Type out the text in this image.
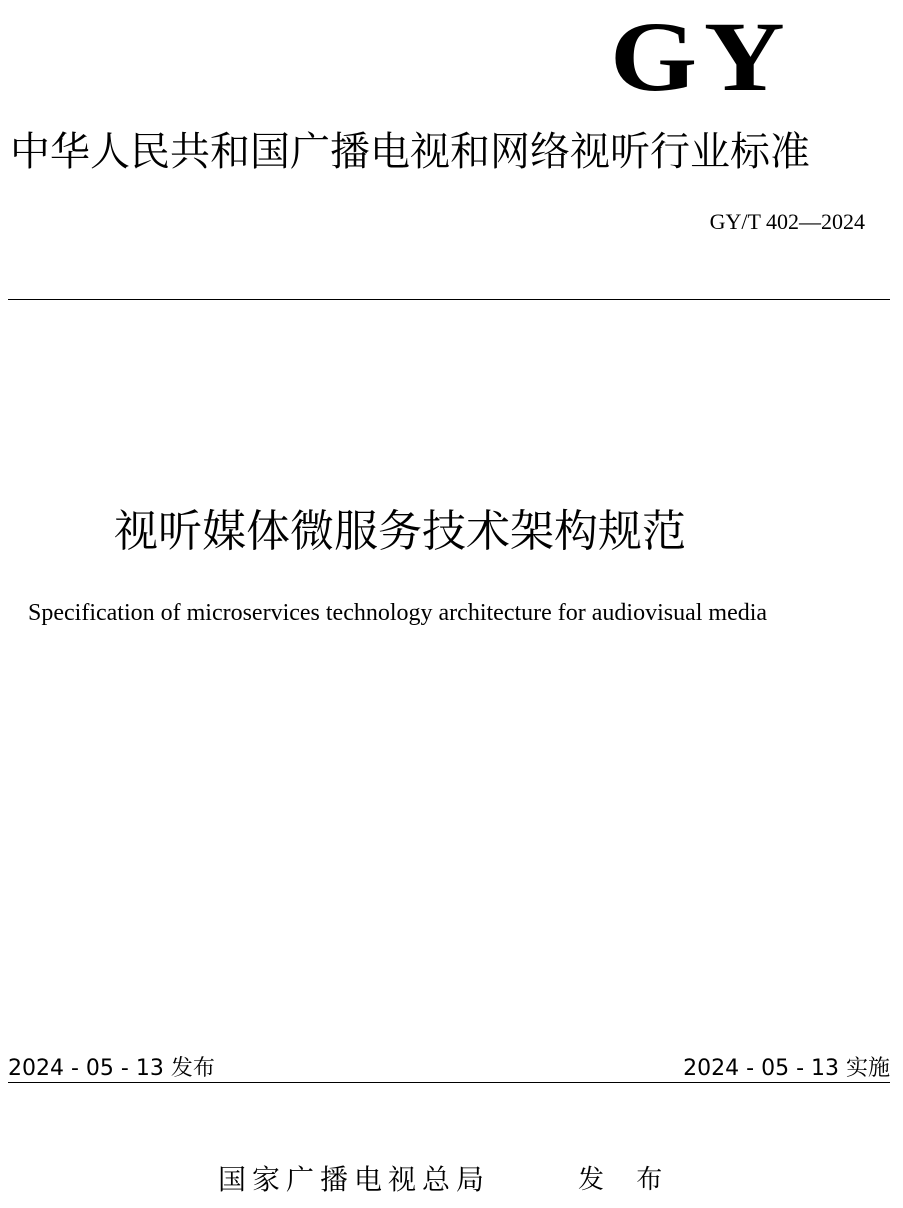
GY
中华人民共和国广播电视和网络视听行业标准
GY/T 402—2024
视听媒体微服务技术架构规范
Specification of microservices technology architecture for audiovisual media
2024 - 05 - 13 发布	2024 - 05 - 13 实施
国家广播电视总局	发 布
